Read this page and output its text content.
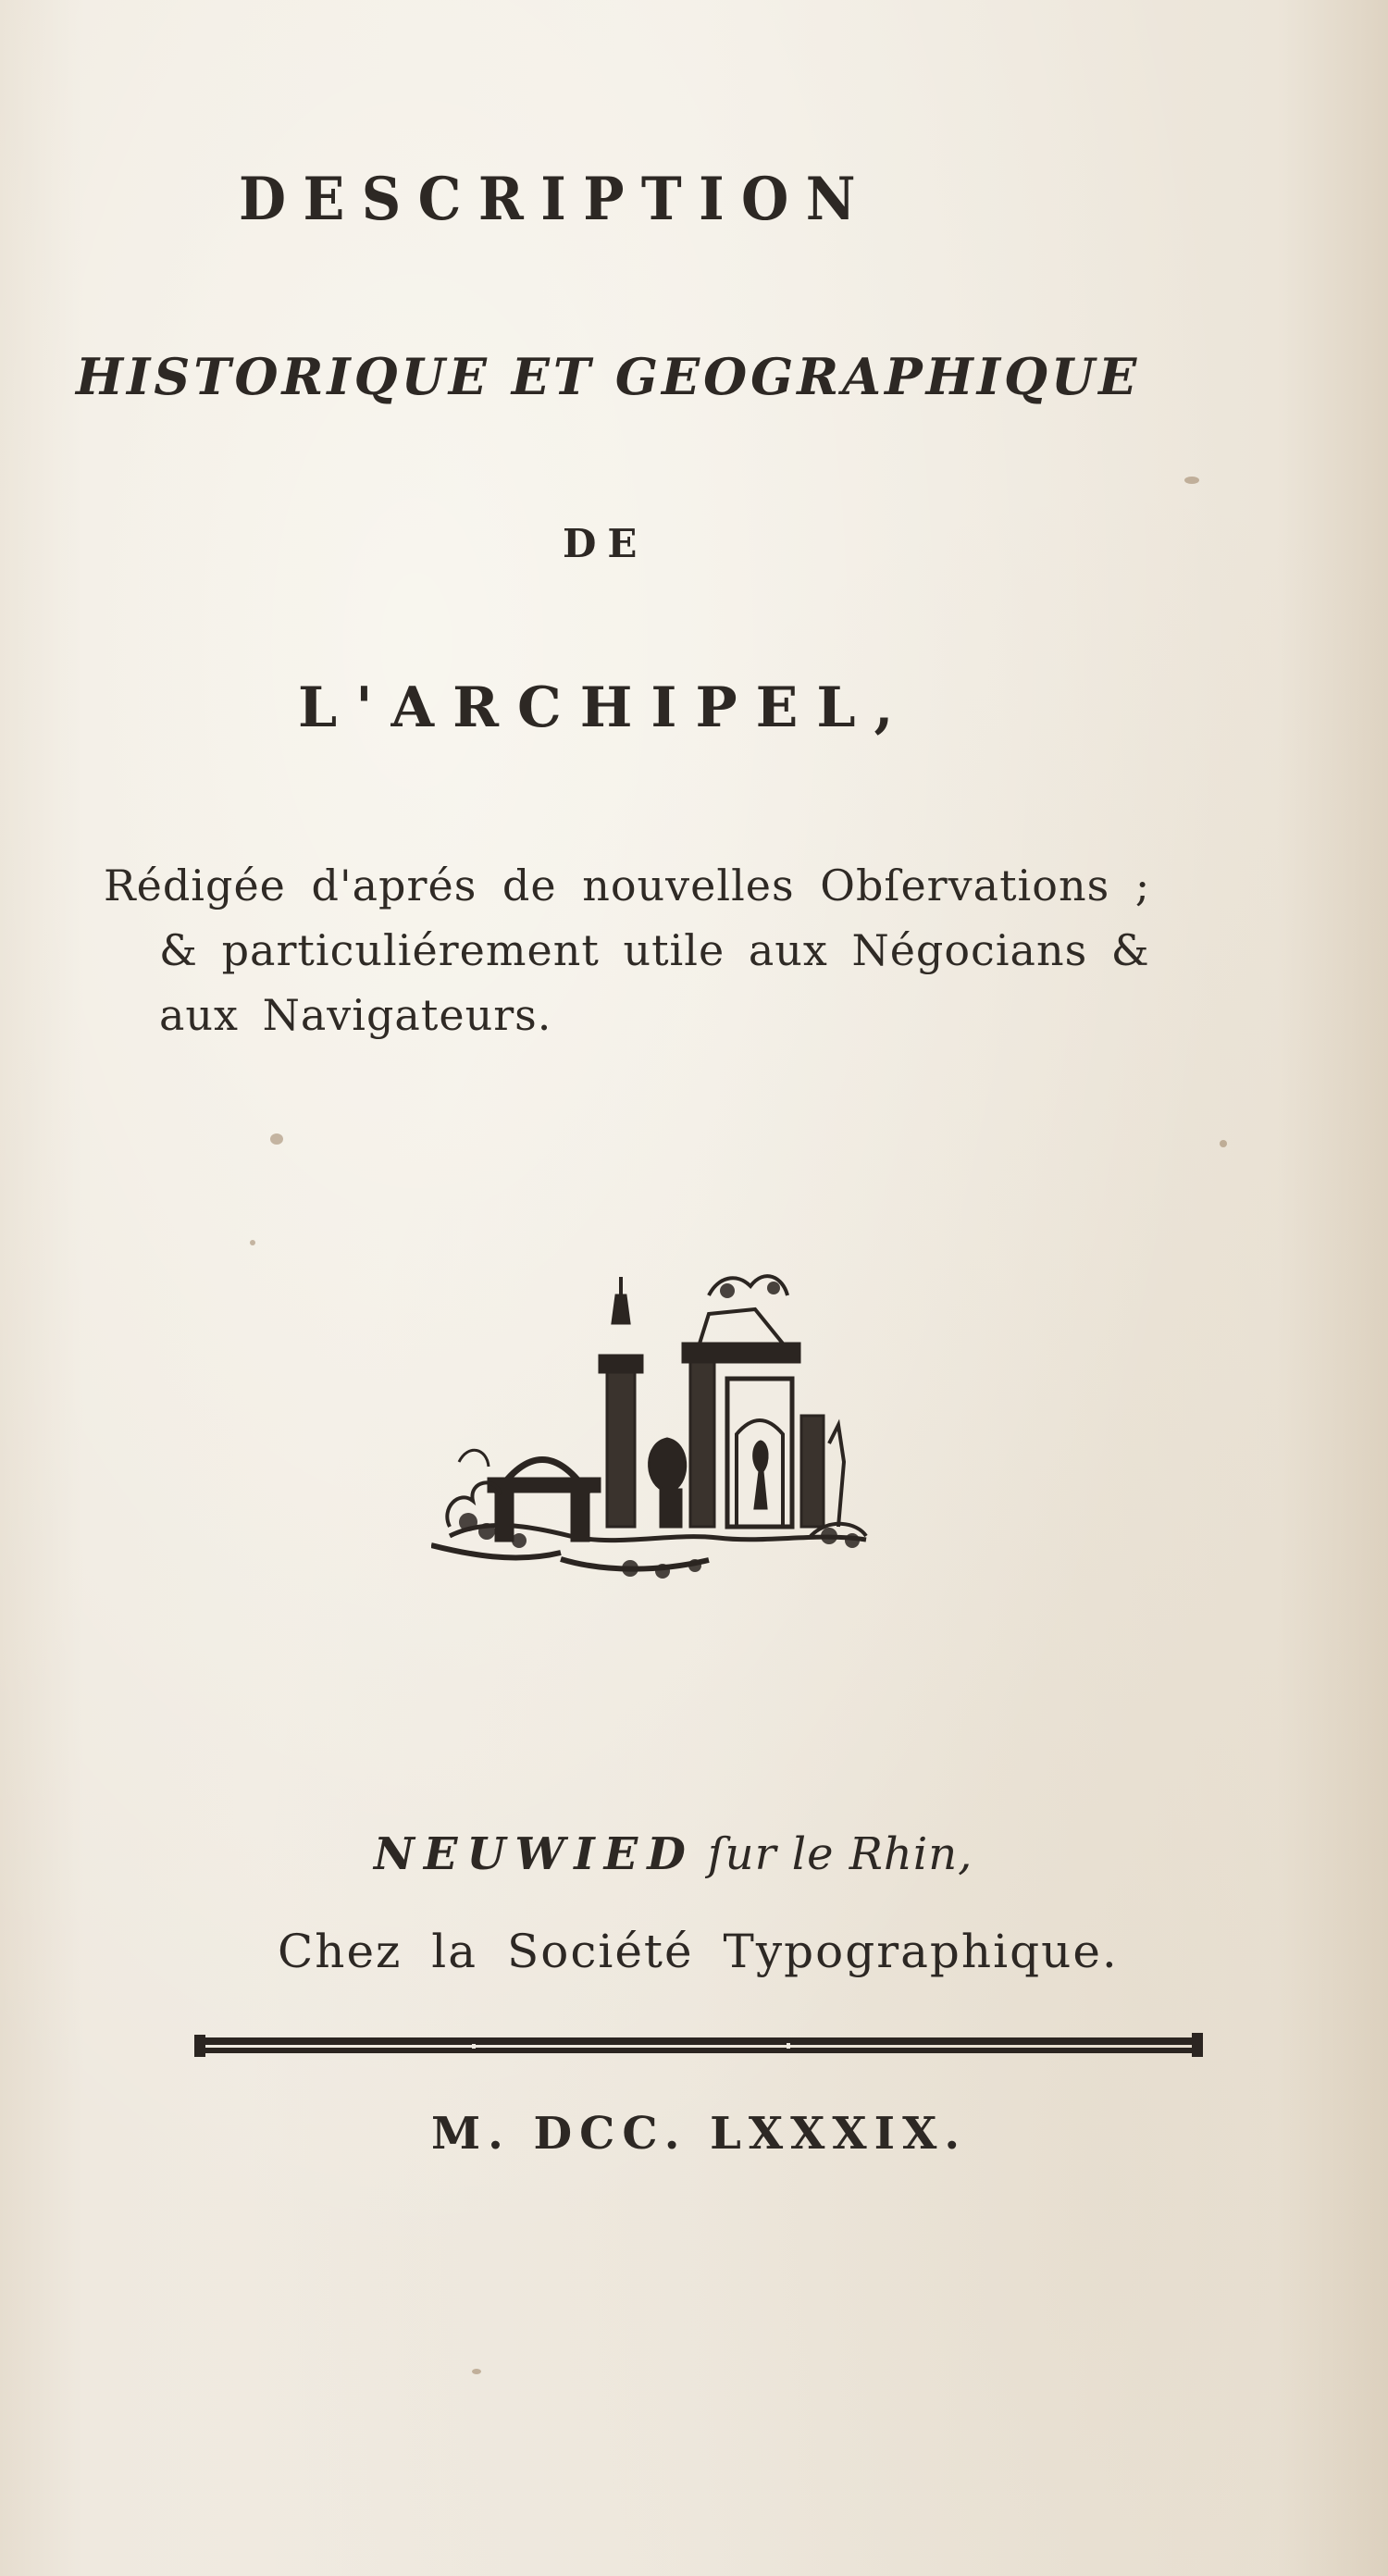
DESCRIPTION
HISTORIQUE ET GEOGRAPHIQUE
DE
L'ARCHIPEL,
Rédigée d'aprés de nouvelles Obſervations ;
& particuliérement utile aux Négocians &
aux Navigateurs.
NEUWIED ſur le Rhin,
Chez la Société Typographique.
M. DCC. LXXXIX.
